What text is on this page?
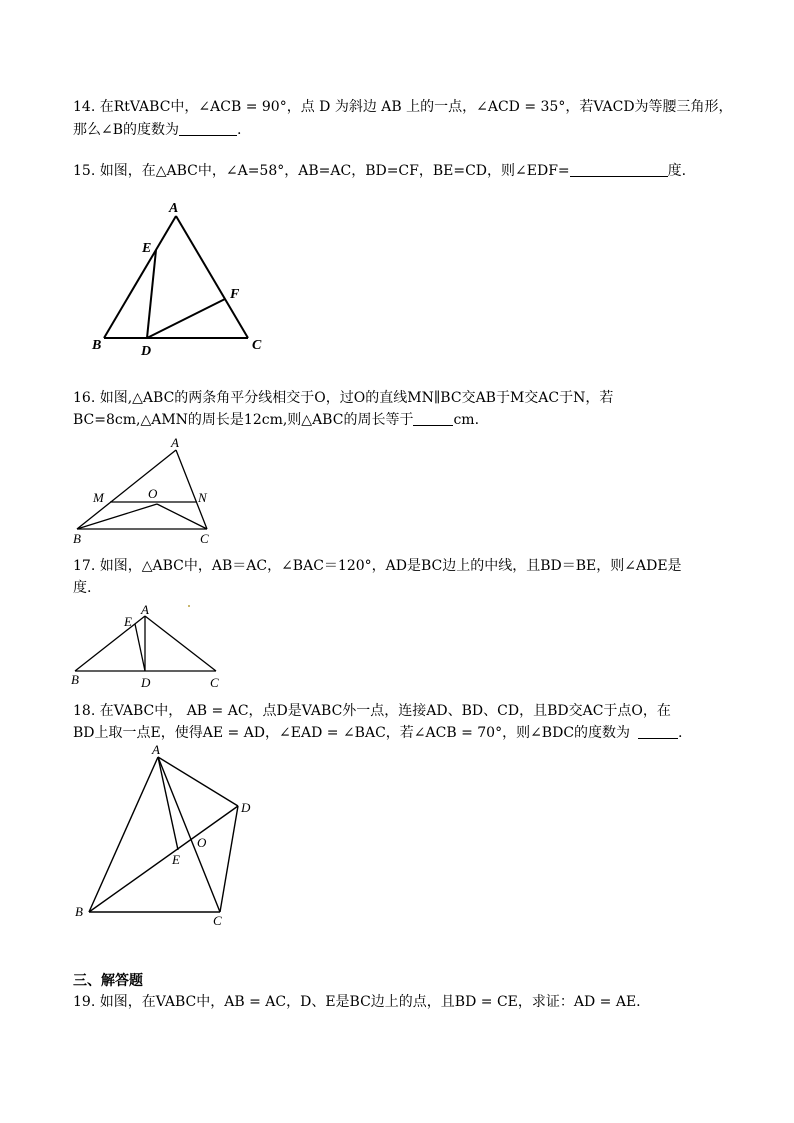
14. 在RtVABC中，∠ACB = 90°，点 D 为斜边 AB 上的一点，∠ACD = 35°，若VACD为等腰三角形，
那么∠B的度数为	.
15. 如图，在△ABC中，∠A=58°，AB=AC，BD=CF，BE=CD，则∠EDF=	度.
A
E
F
B	D	C
16. 如图,△ABC的两条角平分线相交于O，过O的直线MN∥BC交AB于M交AC于N，若
BC=8cm,△AMN的周长是12cm,则△ABC的周长等于	cm.
A
M	O	N
B	C
17. 如图，△ABC中，AB＝AC，∠BAC＝120°，AD是BC边上的中线，且BD＝BE，则∠ADE是
度.
A
E
B	D	C
18. 在VABC中， AB = AC，点D是VABC外一点，连接AD、BD、CD，且BD交AC于点O，在
BD上取一点E，使得AE = AD，∠EAD = ∠BAC，若∠ACB = 70°，则∠BDC的度数为	.
A
D
O
E
B
C
三、解答题
19. 如图，在VABC中，AB = AC，D、E是BC边上的点，且BD = CE，求证：AD = AE.
